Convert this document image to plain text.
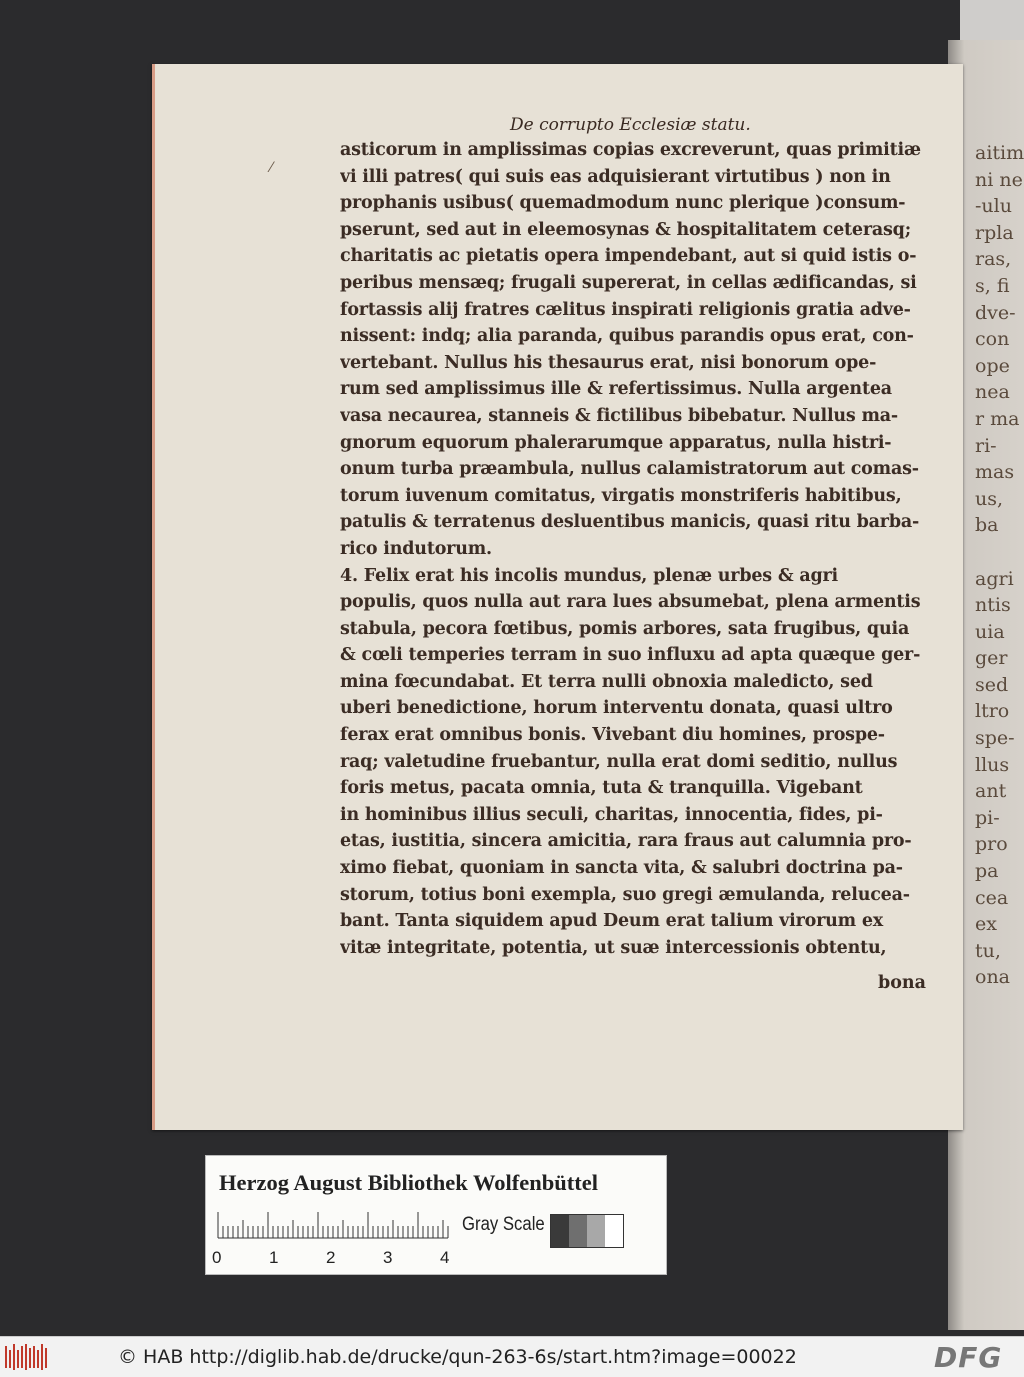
aitim
ni ne
-ulu
rpla
ras,
s, fi
dve-
con
ope
nea
r ma
ri-
mas
us,
ba
agri
ntis
uia
ger
sed
ltro
spe-
llus
ant
pi-
pro
pa
cea
ex
tu,
ona
⁄
De corrupto Ecclesiæ statu.
asticorum in amplissimas copias excreverunt, quas primitiæ
vi illi patres( qui suis eas adquisierant virtutibus ) non in
prophanis usibus( quemadmodum nunc plerique )consum-
pserunt, sed aut in eleemosynas & hospitalitatem ceterasq;
charitatis ac pietatis opera impendebant, aut si quid istis o-
peribus mensæq; frugali supererat, in cellas ædificandas, si
fortassis alij fratres cælitus inspirati religionis gratia adve-
nissent: indq; alia paranda, quibus parandis opus erat, con-
vertebant. Nullus his thesaurus erat, nisi bonorum ope-
rum sed amplissimus ille & refertissimus. Nulla argentea
vasa necaurea, stanneis & fictilibus bibebatur. Nullus ma-
gnorum equorum phalerarumque apparatus, nulla histri-
onum turba præambula, nullus calamistratorum aut comas-
torum iuvenum comitatus, virgatis monstriferis habitibus,
patulis & terratenus desluentibus manicis, quasi ritu barba-
rico indutorum.
4. Felix erat his incolis mundus, plenæ urbes & agri
populis, quos nulla aut rara lues absumebat, plena armentis
stabula, pecora fœtibus, pomis arbores, sata frugibus, quia
& cœli temperies terram in suo influxu ad apta quæque ger-
mina fœcundabat. Et terra nulli obnoxia maledicto, sed
uberi benedictione, horum interventu donata, quasi ultro
ferax erat omnibus bonis. Vivebant diu homines, prospe-
raq; valetudine fruebantur, nulla erat domi seditio, nullus
foris metus, pacata omnia, tuta & tranquilla. Vigebant
in hominibus illius seculi, charitas, innocentia, fides, pi-
etas, iustitia, sincera amicitia, rara fraus aut calumnia pro-
ximo fiebat, quoniam in sancta vita, & salubri doctrina pa-
storum, totius boni exempla, suo gregi æmulanda, relucea-
bant. Tanta siquidem apud Deum erat talium virorum ex
vitæ integritate, potentia, ut suæ intercessionis obtentu,
bona
Herzog August Bibliothek Wolfenbüttel
0	1	2	3	4
Gray Scale
© HAB http://diglib.hab.de/drucke/qun-263-6s/start.htm?image=00022	DFG
